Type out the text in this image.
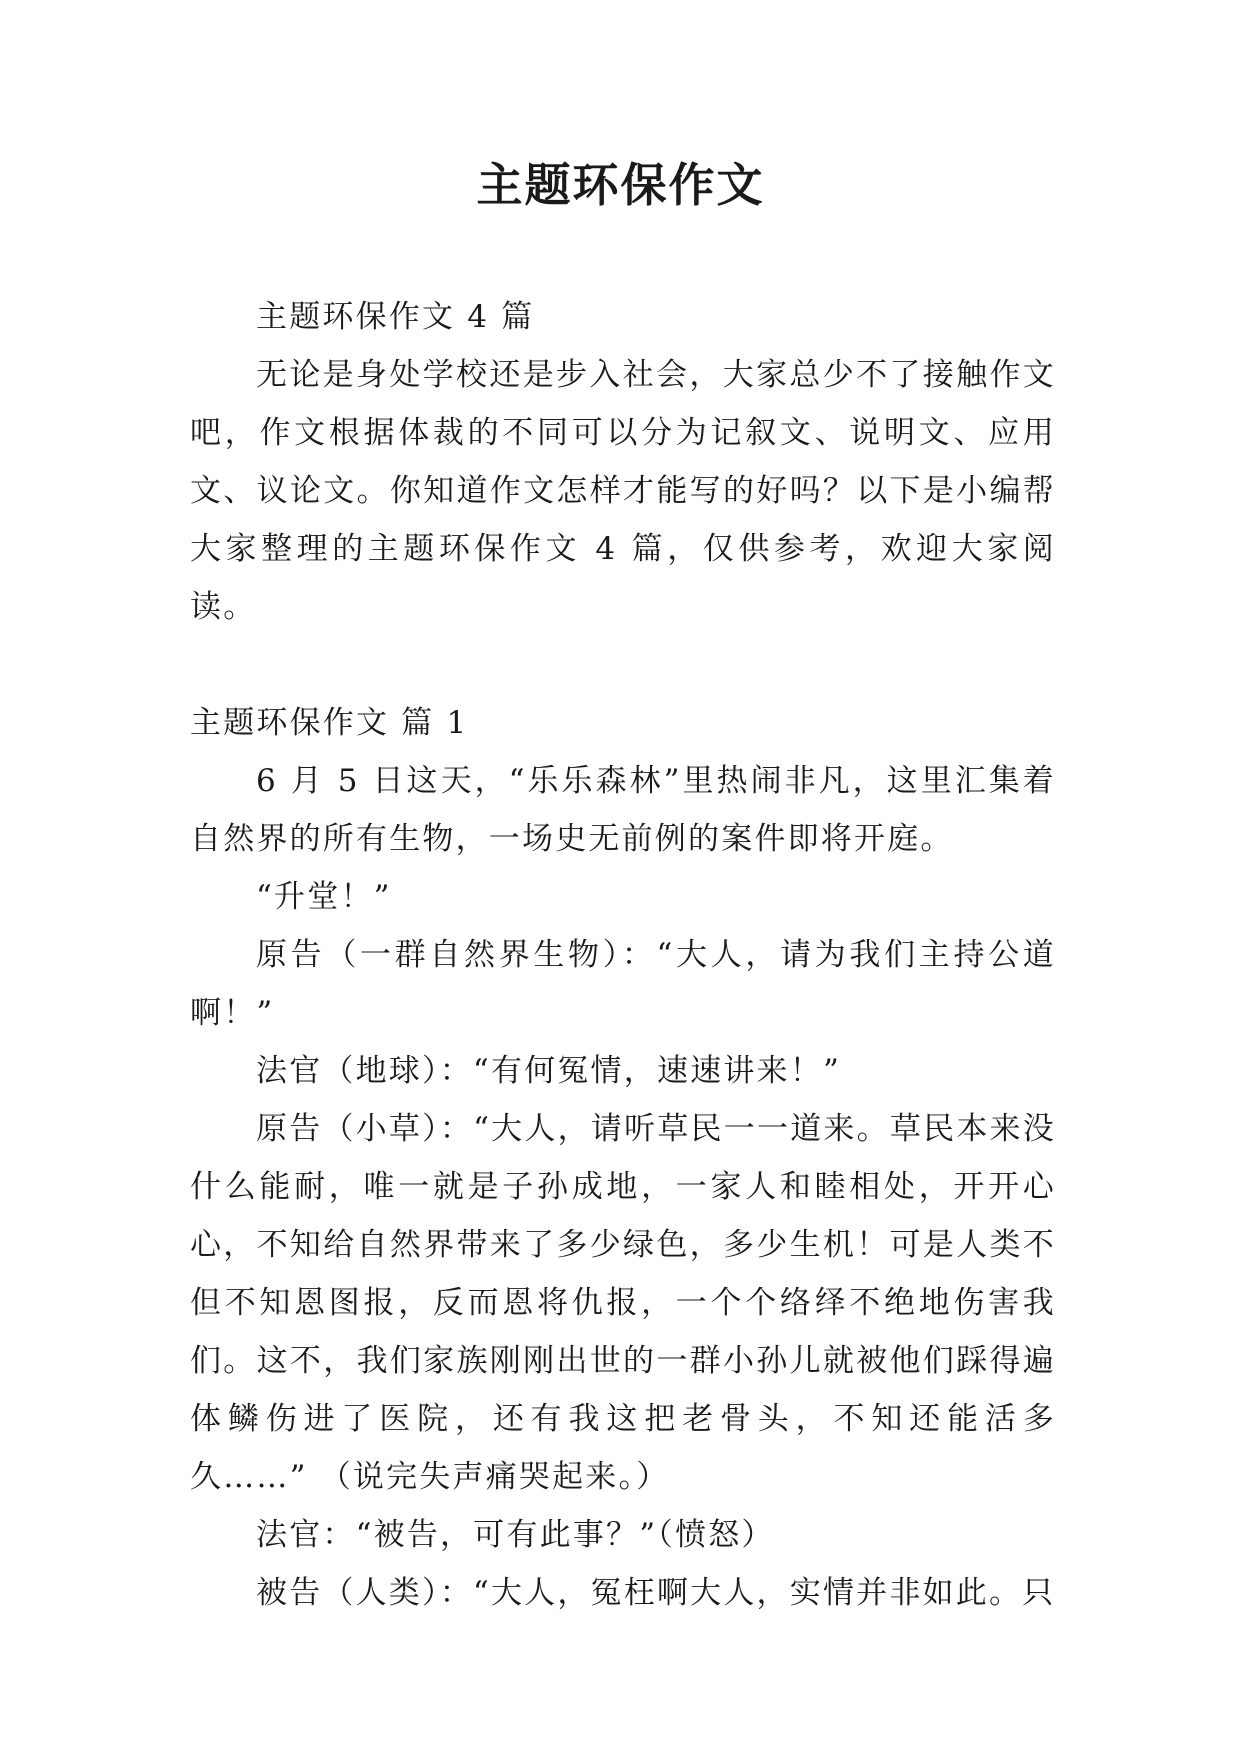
主题环保作文

主题环保作文 4 篇

无论是身处学校还是步入社会，大家总少不了接触作文吧，作文根据体裁的不同可以分为记叙文、说明文、应用文、议论文。你知道作文怎样才能写的好吗？以下是小编帮大家整理的主题环保作文 4 篇，仅供参考，欢迎大家阅读。

主题环保作文 篇 1

6 月 5 日这天，“乐乐森林”里热闹非凡，这里汇集着自然界的所有生物，一场史无前例的案件即将开庭。

“升堂！”

原告（一群自然界生物）：“大人，请为我们主持公道啊！”

法官（地球）：“有何冤情，速速讲来！”

原告（小草）：“大人，请听草民一一道来。草民本来没什么能耐，唯一就是子孙成地，一家人和睦相处，开开心心，不知给自然界带来了多少绿色，多少生机！可是人类不但不知恩图报，反而恩将仇报，一个个络绎不绝地伤害我们。这不，我们家族刚刚出世的一群小孙儿就被他们踩得遍体鳞伤进了医院，还有我这把老骨头，不知还能活多久……” （说完失声痛哭起来。）

法官：“被告，可有此事？”（愤怒）

被告（人类）：“大人，冤枉啊大人，实情并非如此。只
